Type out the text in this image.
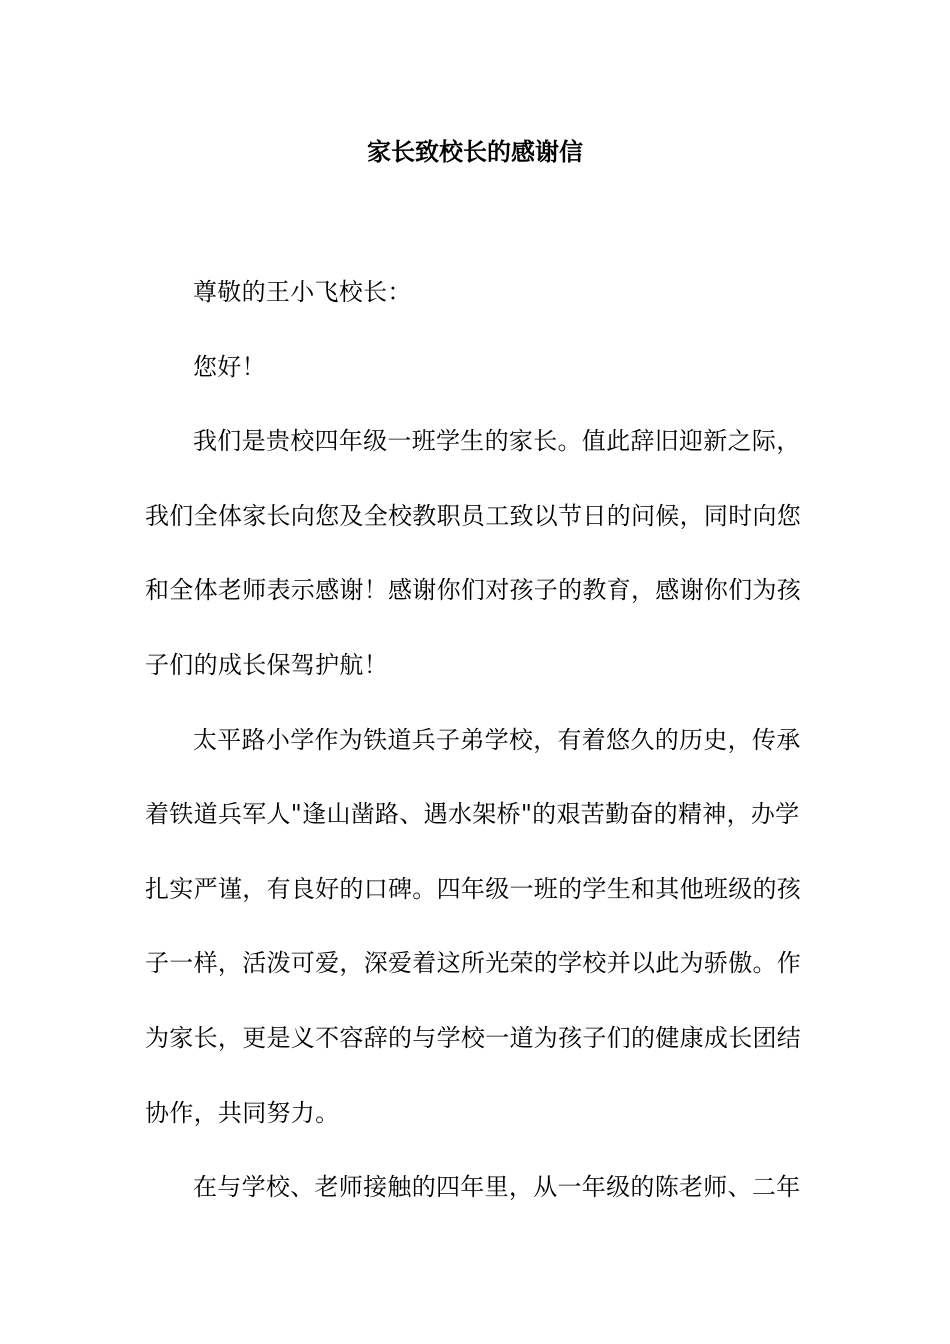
家长致校长的感谢信

尊敬的王小飞校长：

您好！

我们是贵校四年级一班学生的家长。值此辞旧迎新之际，
我们全体家长向您及全校教职员工致以节日的问候，同时向您
和全体老师表示感谢！感谢你们对孩子的教育，感谢你们为孩
子们的成长保驾护航！
太平路小学作为铁道兵子弟学校，有着悠久的历史，传承
着铁道兵军人"逢山凿路、遇水架桥"的艰苦勤奋的精神，办学
扎实严谨，有良好的口碑。四年级一班的学生和其他班级的孩
子一样，活泼可爱，深爱着这所光荣的学校并以此为骄傲。作
为家长，更是义不容辞的与学校一道为孩子们的健康成长团结
协作，共同努力。
在与学校、老师接触的四年里，从一年级的陈老师、二年
